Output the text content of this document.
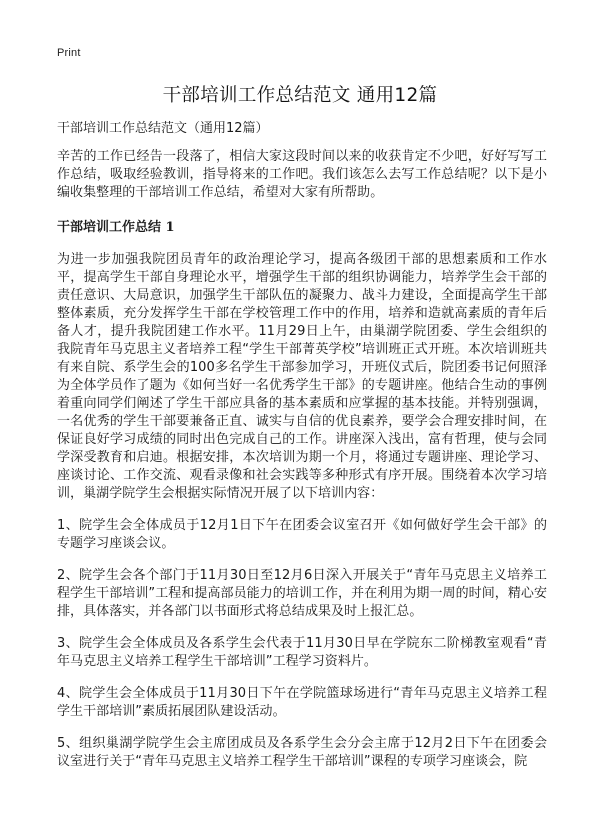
Print
干部培训工作总结范文 通用12篇
干部培训工作总结范文（通用12篇）

辛苦的工作已经告一段落了，相信大家这段时间以来的收获肯定不少吧，好好写写工作总结，吸取经验教训，指导将来的工作吧。我们该怎么去写工作总结呢？以下是小编收集整理的干部培训工作总结，希望对大家有所帮助。

干部培训工作总结 1

为进一步加强我院团员青年的政治理论学习，提高各级团干部的思想素质和工作水平，提高学生干部自身理论水平，增强学生干部的组织协调能力，培养学生会干部的责任意识、大局意识，加强学生干部队伍的凝聚力、战斗力建设，全面提高学生干部整体素质，充分发挥学生干部在学校管理工作中的作用，培养和造就高素质的青年后备人才，提升我院团建工作水平。11月29日上午，由巢湖学院团委、学生会组织的我院青年马克思主义者培养工程“学生干部菁英学校”培训班正式开班。本次培训班共有来自院、系学生会的100多名学生干部参加学习，开班仪式后，院团委书记何照泽为全体学员作了题为《如何当好一名优秀学生干部》的专题讲座。他结合生动的事例着重向同学们阐述了学生干部应具备的基本素质和应掌握的基本技能。并特别强调，一名优秀的学生干部要兼备正直、诚实与自信的优良素养，要学会合理安排时间，在保证良好学习成绩的同时出色完成自己的工作。讲座深入浅出，富有哲理，使与会同学深受教育和启迪。根据安排，本次培训为期一个月，将通过专题讲座、理论学习、座谈讨论、工作交流、观看录像和社会实践等多种形式有序开展。围绕着本次学习培训，巢湖学院学生会根据实际情况开展了以下培训内容：

1、院学生会全体成员于12月1日下午在团委会议室召开《如何做好学生会干部》的专题学习座谈会议。

2、院学生会各个部门于11月30日至12月6日深入开展关于“青年马克思主义培养工程学生干部培训”工程和提高部员能力的培训工作，并在利用为期一周的时间，精心安排，具体落实，并各部门以书面形式将总结成果及时上报汇总。

3、院学生会全体成员及各系学生会代表于11月30日早在学院东二阶梯教室观看“青年马克思主义培养工程学生干部培训”工程学习资料片。

4、院学生会全体成员于11月30日下午在学院篮球场进行“青年马克思主义培养工程学生干部培训”素质拓展团队建设活动。

5、组织巢湖学院学生会主席团成员及各系学生会分会主席于12月2日下午在团委会议室进行关于“青年马克思主义培养工程学生干部培训”课程的专项学习座谈会，院
